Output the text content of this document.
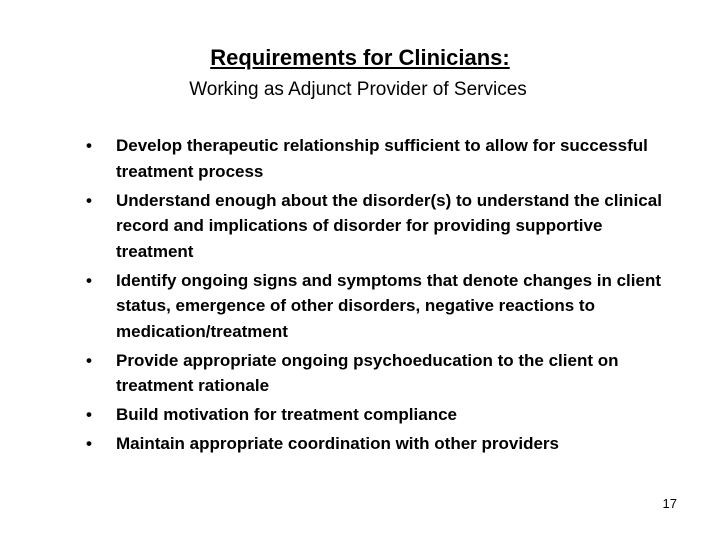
Requirements for Clinicians:
Working as Adjunct Provider of Services
• Develop therapeutic relationship sufficient to allow for successful treatment process
• Understand enough about the disorder(s) to understand the clinical record and implications of disorder for providing supportive treatment
• Identify ongoing signs and symptoms that denote changes in client status, emergence of other disorders, negative reactions to medication/treatment
• Provide appropriate ongoing psychoeducation to the client on treatment rationale
• Build motivation for treatment compliance
• Maintain appropriate coordination with other providers
17
